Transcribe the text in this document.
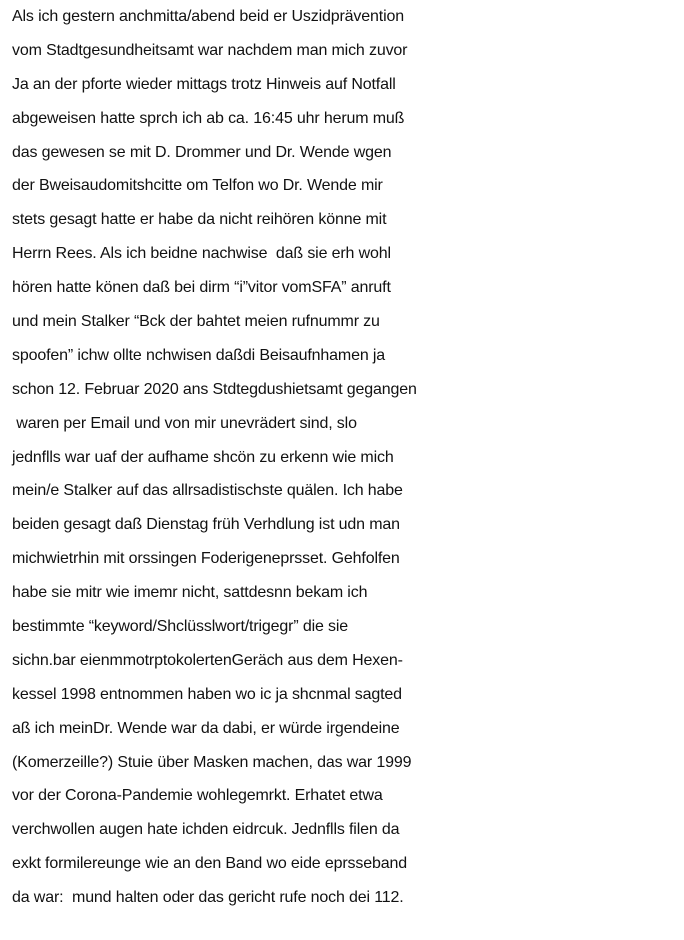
Als ich gestern anchmitta/abend beid er Uszidprävention
vom Stadtgesundheitsamt war nachdem man mich zuvor
Ja an der pforte wieder mittags trotz Hinweis auf Notfall
abgeweisen hatte sprch ich ab ca. 16:45 uhr herum muß
das gewesen se mit D. Drommer und Dr. Wende wgen
der Bweisaudomitshcitte om Telfon wo Dr. Wende mir
stets gesagt hatte er habe da nicht reihören könne mit
Herrn Rees. Als ich beidne nachwise  daß sie erh wohl
hören hatte könen daß bei dirm “i”vitor vomSFA” anruft
und mein Stalker “Bck der bahtet meien rufnummr zu
spoofen” ichw ollte nchwisen daßdi Beisaufnhamen ja
schon 12. Februar 2020 ans Stdtegdushietsamt gegangen
waren per Email und von mir unevrädert sind, slo
jednflls war uaf der aufhame shcön zu erkenn wie mich
mein/e Stalker auf das allrsadistischste quälen. Ich habe
beiden gesagt daß Dienstag früh Verhdlung ist udn man
michwietrhin mit orssingen Foderigeneprsset. Gehfolfen
habe sie mitr wie imemr nicht, sattdesnn bekam ich
bestimmte “keyword/Shclüsslwort/trigegr” die sie
sichn.bar eienmmotrptokolertenGeräch aus dem Hexen-
kessel 1998 entnommen haben wo ic ja shcnmal sagted
aß ich meinDr. Wende war da dabi, er würde irgendeine
(Komerzeille?) Stuie über Masken machen, das war 1999
vor der Corona-Pandemie wohlegemrkt. Erhatet etwa
verchwollen augen hate ichden eidrcuk. Jednflls filen da
exkt formilereunge wie an den Band wo eide eprsseband
da war:  mund halten oder das gericht rufe noch dei 112.
